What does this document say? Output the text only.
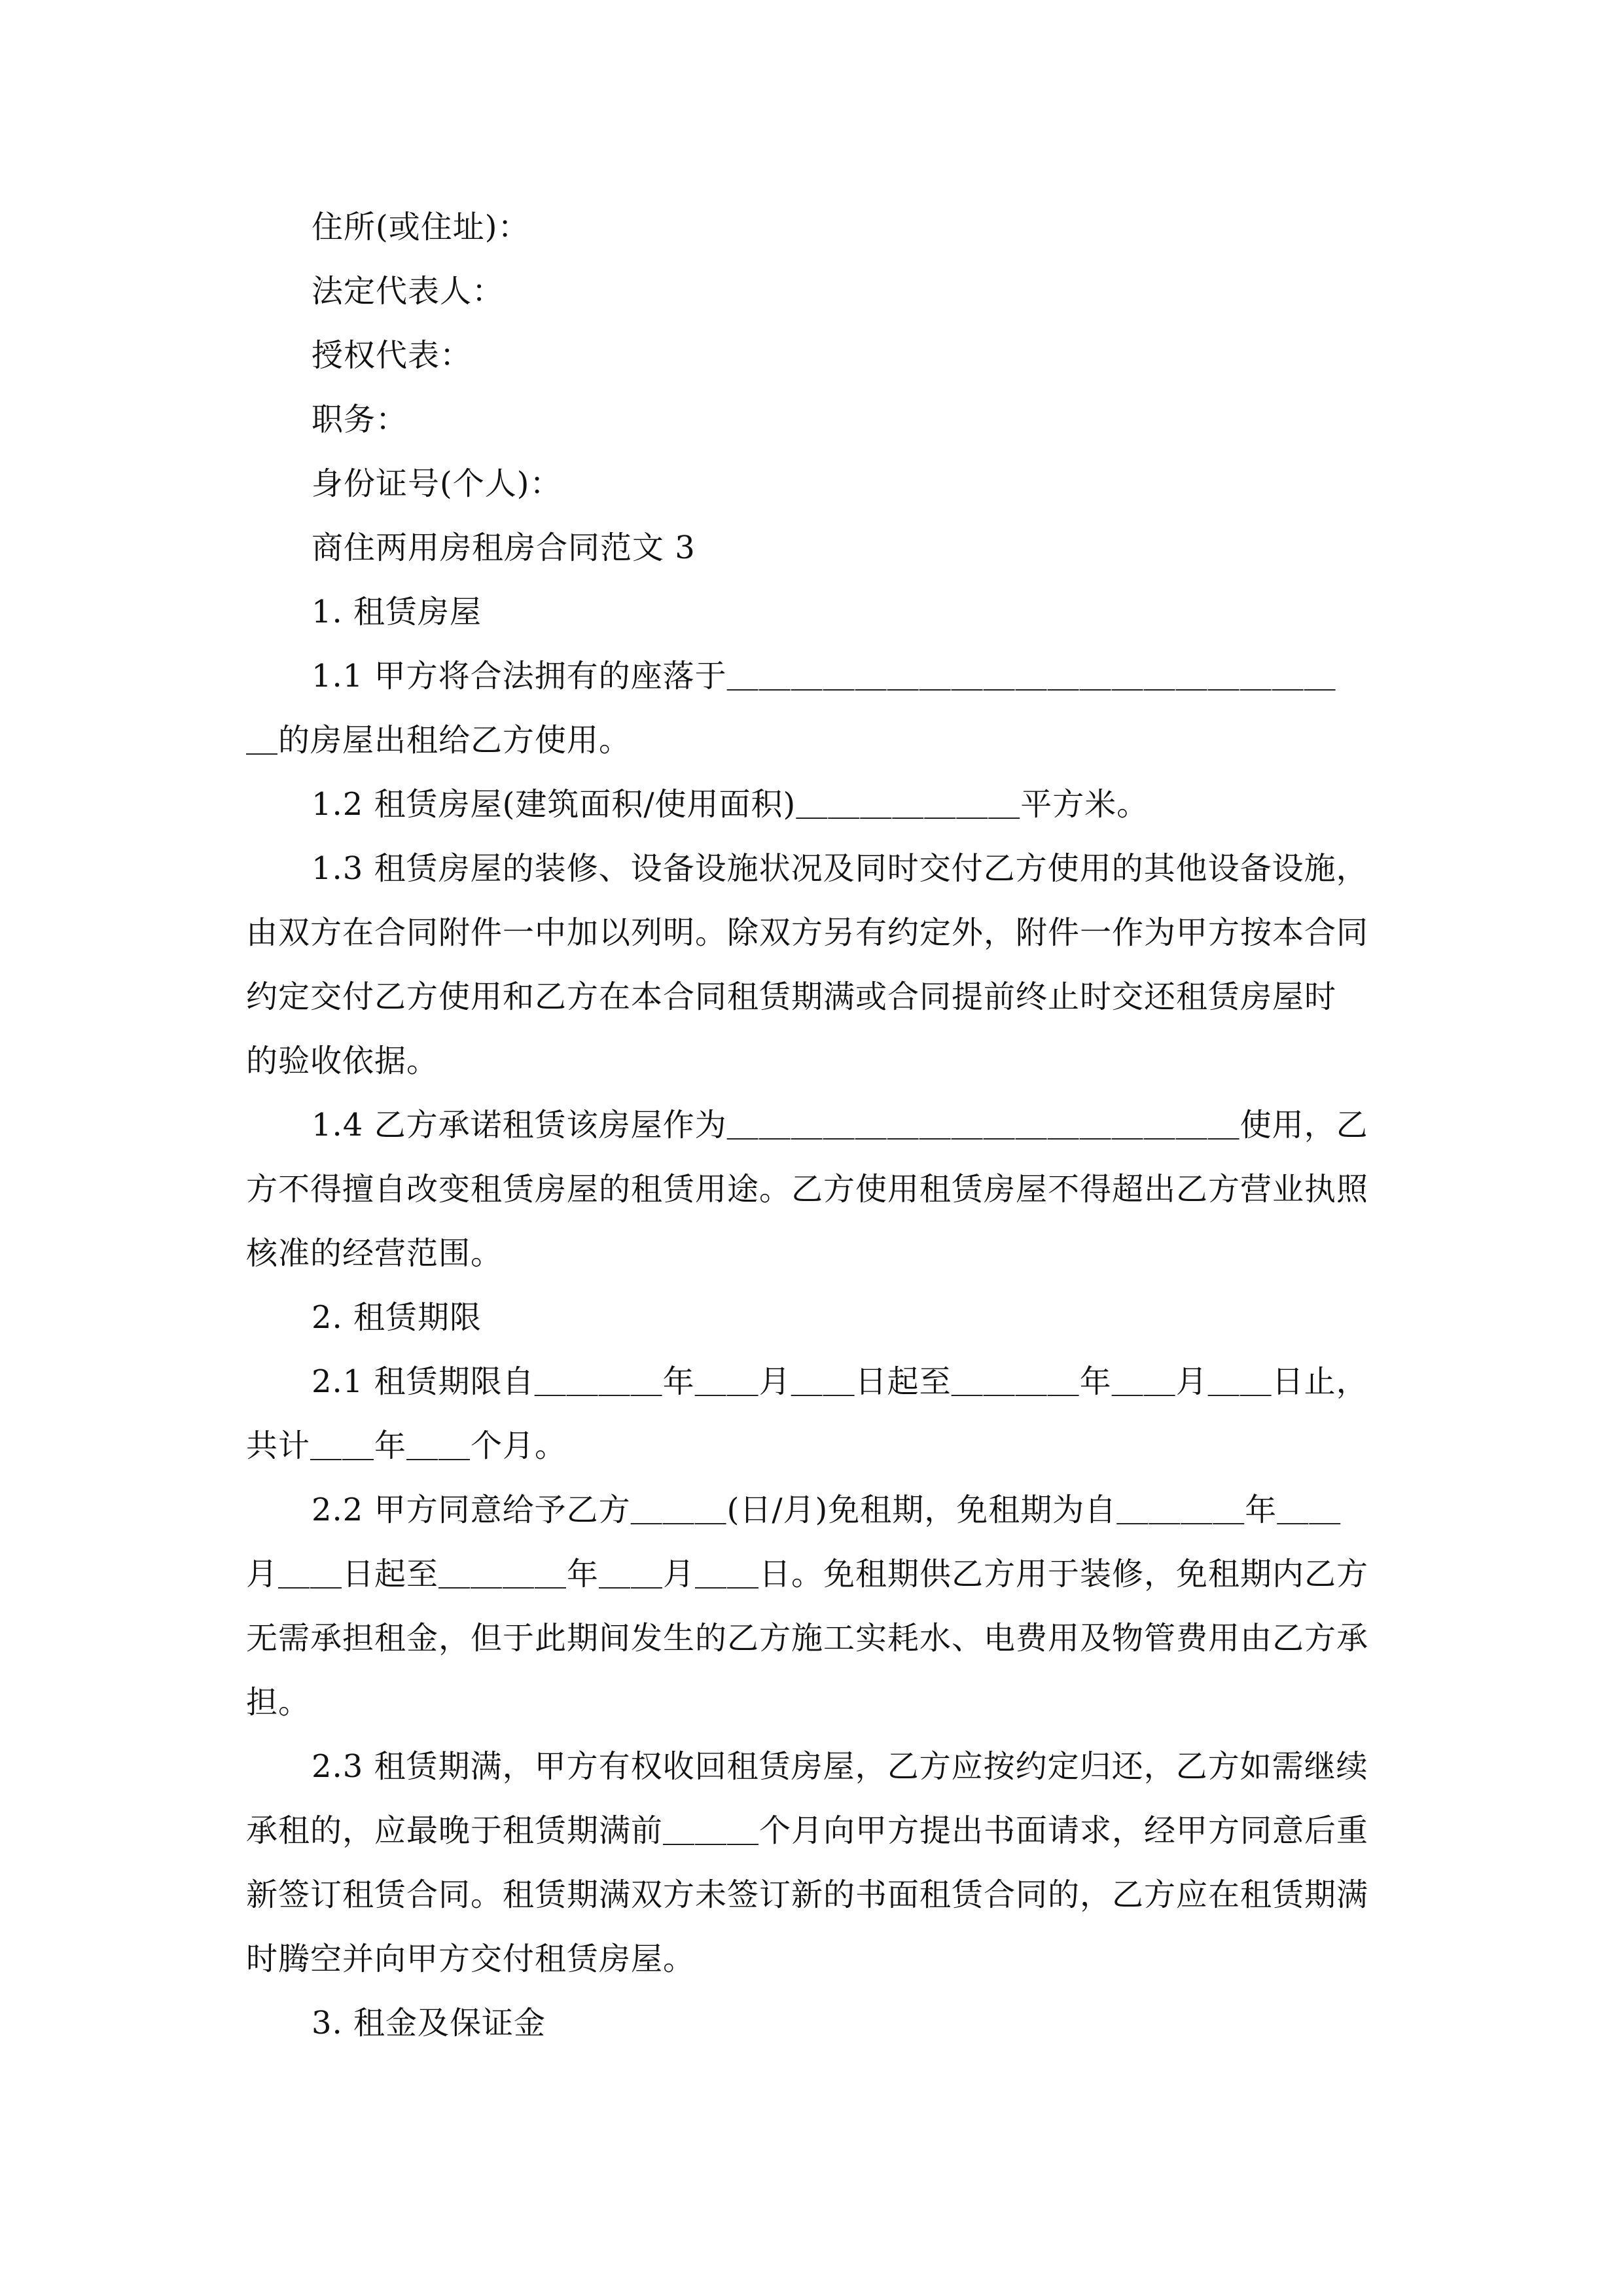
住所(或住址)：
法定代表人：
授权代表：
职务：
身份证号(个人)：
商住两用房租房合同范文 3
1. 租赁房屋
1.1 甲方将合法拥有的座落于＿＿＿＿＿＿＿＿＿＿＿＿＿＿＿＿＿＿＿
＿的房屋出租给乙方使用。
1.2 租赁房屋(建筑面积/使用面积)＿＿＿＿＿＿＿平方米。
1.3 租赁房屋的装修、设备设施状况及同时交付乙方使用的其他设备设施，
由双方在合同附件一中加以列明。除双方另有约定外，附件一作为甲方按本合同
约定交付乙方使用和乙方在本合同租赁期满或合同提前终止时交还租赁房屋时
的验收依据。
1.4 乙方承诺租赁该房屋作为＿＿＿＿＿＿＿＿＿＿＿＿＿＿＿＿使用，乙
方不得擅自改变租赁房屋的租赁用途。乙方使用租赁房屋不得超出乙方营业执照
核准的经营范围。
2. 租赁期限
2.1 租赁期限自＿＿＿＿年＿＿月＿＿日起至＿＿＿＿年＿＿月＿＿日止，
共计＿＿年＿＿个月。
2.2 甲方同意给予乙方＿＿＿(日/月)免租期，免租期为自＿＿＿＿年＿＿
月＿＿日起至＿＿＿＿年＿＿月＿＿日。免租期供乙方用于装修，免租期内乙方
无需承担租金，但于此期间发生的乙方施工实耗水、电费用及物管费用由乙方承
担。
2.3 租赁期满，甲方有权收回租赁房屋，乙方应按约定归还，乙方如需继续
承租的，应最晚于租赁期满前＿＿＿个月向甲方提出书面请求，经甲方同意后重
新签订租赁合同。租赁期满双方未签订新的书面租赁合同的，乙方应在租赁期满
时腾空并向甲方交付租赁房屋。
3. 租金及保证金
